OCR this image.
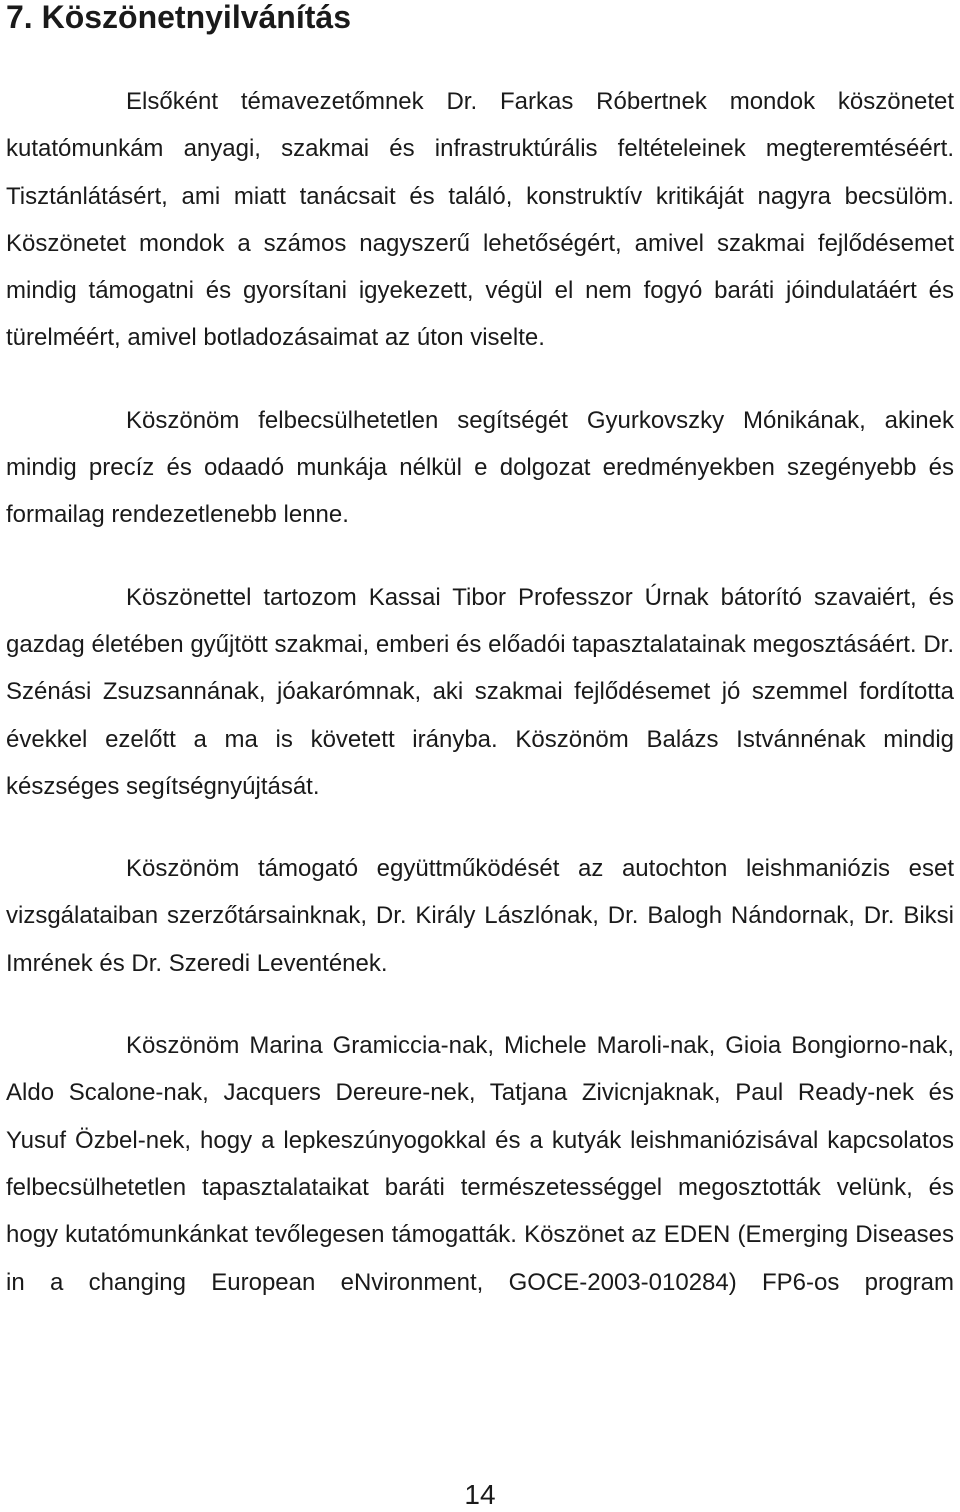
7. Köszönetnyilvánítás

Elsőként témavezetőmnek Dr. Farkas Róbertnek mondok köszönetet kutatómunkám anyagi, szakmai és infrastruktúrális feltételeinek megteremtéséért. Tisztánlátásért, ami miatt tanácsait és találó, konstruktív kritikáját nagyra becsülöm. Köszönetet mondok a számos nagyszerű lehetőségért, amivel szakmai fejlődésemet mindig támogatni és gyorsítani igyekezett, végül el nem fogyó baráti jóindulatáért és türelméért, amivel botladozásaimat az úton viselte.

Köszönöm felbecsülhetetlen segítségét Gyurkovszky Mónikának, akinek mindig precíz és odaadó munkája nélkül e dolgozat eredményekben szegényebb és formailag rendezetlenebb lenne.

Köszönettel tartozom Kassai Tibor Professzor Úrnak bátorító szavaiért, és gazdag életében gyűjtött szakmai, emberi és előadói tapasztalatainak megosztásáért. Dr. Szénási Zsuzsannának, jóakarómnak, aki szakmai fejlődésemet jó szemmel fordította évekkel ezelőtt a ma is követett irányba. Köszönöm Balázs Istvánnénak mindig készséges segítségnyújtását.

Köszönöm támogató együttműködését az autochton leishmaniózis eset vizsgálataiban szerzőtársainknak, Dr. Király Lászlónak, Dr. Balogh Nándornak, Dr. Biksi Imrének és Dr. Szeredi Leventének.

Köszönöm Marina Gramiccia-nak, Michele Maroli-nak, Gioia Bongiorno-nak, Aldo Scalone-nak, Jacquers Dereure-nek, Tatjana Zivicnjaknak, Paul Ready-nek és Yusuf Özbel-nek, hogy a lepkeszúnyogokkal és a kutyák leishmaniózisával kapcsolatos felbecsülhetetlen tapasztalataikat baráti természetességgel megosztották velünk, és hogy kutatómunkánkat tevőlegesen támogatták. Köszönet az EDEN (Emerging Diseases in a changing European eNvironment, GOCE-2003-010284) FP6-os program

14
